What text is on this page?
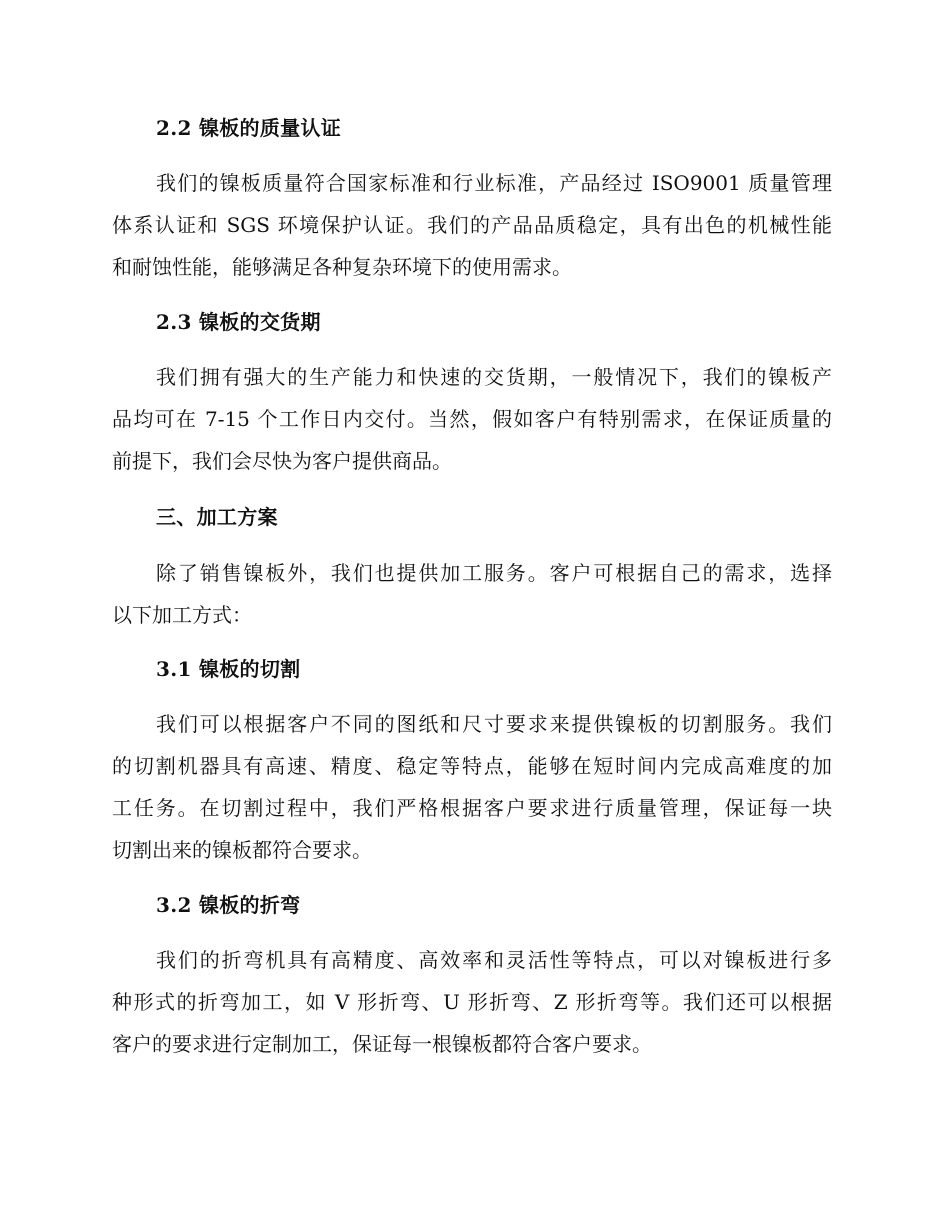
2.2 镍板的质量认证
我们的镍板质量符合国家标准和行业标准，产品经过 ISO9001 质量管理
体系认证和 SGS 环境保护认证。我们的产品品质稳定，具有出色的机械性能
和耐蚀性能，能够满足各种复杂环境下的使用需求。
2.3 镍板的交货期
我们拥有强大的生产能力和快速的交货期，一般情况下，我们的镍板产
品均可在 7-15 个工作日内交付。当然，假如客户有特别需求，在保证质量的
前提下，我们会尽快为客户提供商品。
三、加工方案
除了销售镍板外，我们也提供加工服务。客户可根据自己的需求，选择
以下加工方式：
3.1 镍板的切割
我们可以根据客户不同的图纸和尺寸要求来提供镍板的切割服务。我们
的切割机器具有高速、精度、稳定等特点，能够在短时间内完成高难度的加
工任务。在切割过程中，我们严格根据客户要求进行质量管理，保证每一块
切割出来的镍板都符合要求。
3.2 镍板的折弯
我们的折弯机具有高精度、高效率和灵活性等特点，可以对镍板进行多
种形式的折弯加工，如 V 形折弯、U 形折弯、Z 形折弯等。我们还可以根据
客户的要求进行定制加工，保证每一根镍板都符合客户要求。
